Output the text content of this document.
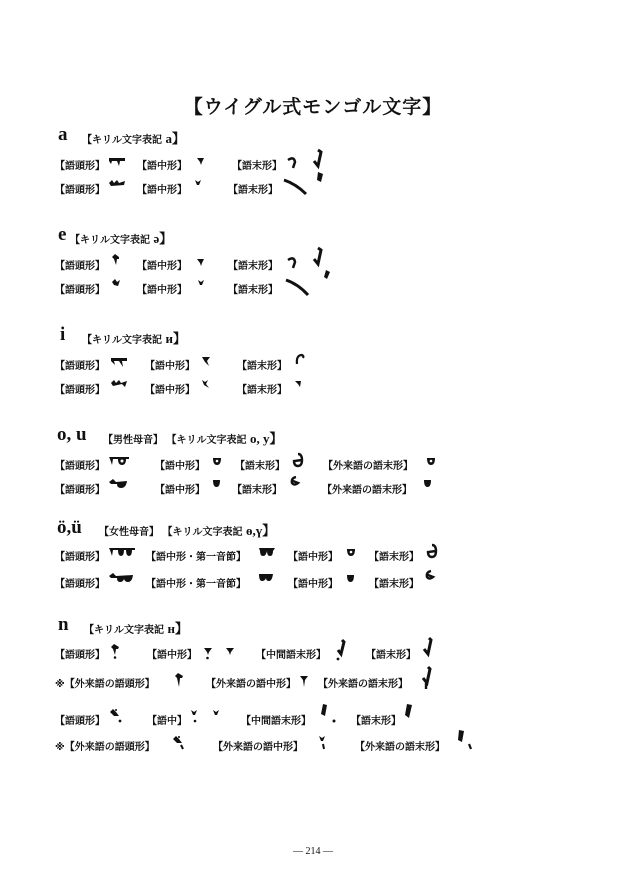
【ウイグル式モンゴル文字】
a 【キリル文字表記 a】
【語頭形】	【語中形】	【語末形】
【語頭形】	【語中形】	【語末形】
e 【キリル文字表記 ə】
【語頭形】	【語中形】	【語末形】
【語頭形】	【語中形】	【語末形】
i 【キリル文字表記 и】
【語頭形】	【語中形】	【語末形】
【語頭形】	【語中形】	【語末形】
o, u 【男性母音】 【キリル文字表記 o, y】
【語頭形】	【語中形】	【語末形】	【外来語の語末形】
【語頭形】	【語中形】	【語末形】	【外来語の語末形】
ö,ü 【女性母音】 【キリル文字表記 ө,ү】
【語頭形】	【語中形・第一音節】	【語中形】	【語末形】
【語頭形】	【語中形・第一音節】	【語中形】	【語末形】
n 【キリル文字表記 н】
【語頭形】	【語中形】	【中間語末形】	【語末形】
※【外来語の語頭形】	【外来語の語中形】 【外来語の語末形】
【語頭形】	【語中】	【中間語末形】	【語末形】
※【外来語の語頭形】	【外来語の語中形】	【外来語の語末形】
― 214 ―
